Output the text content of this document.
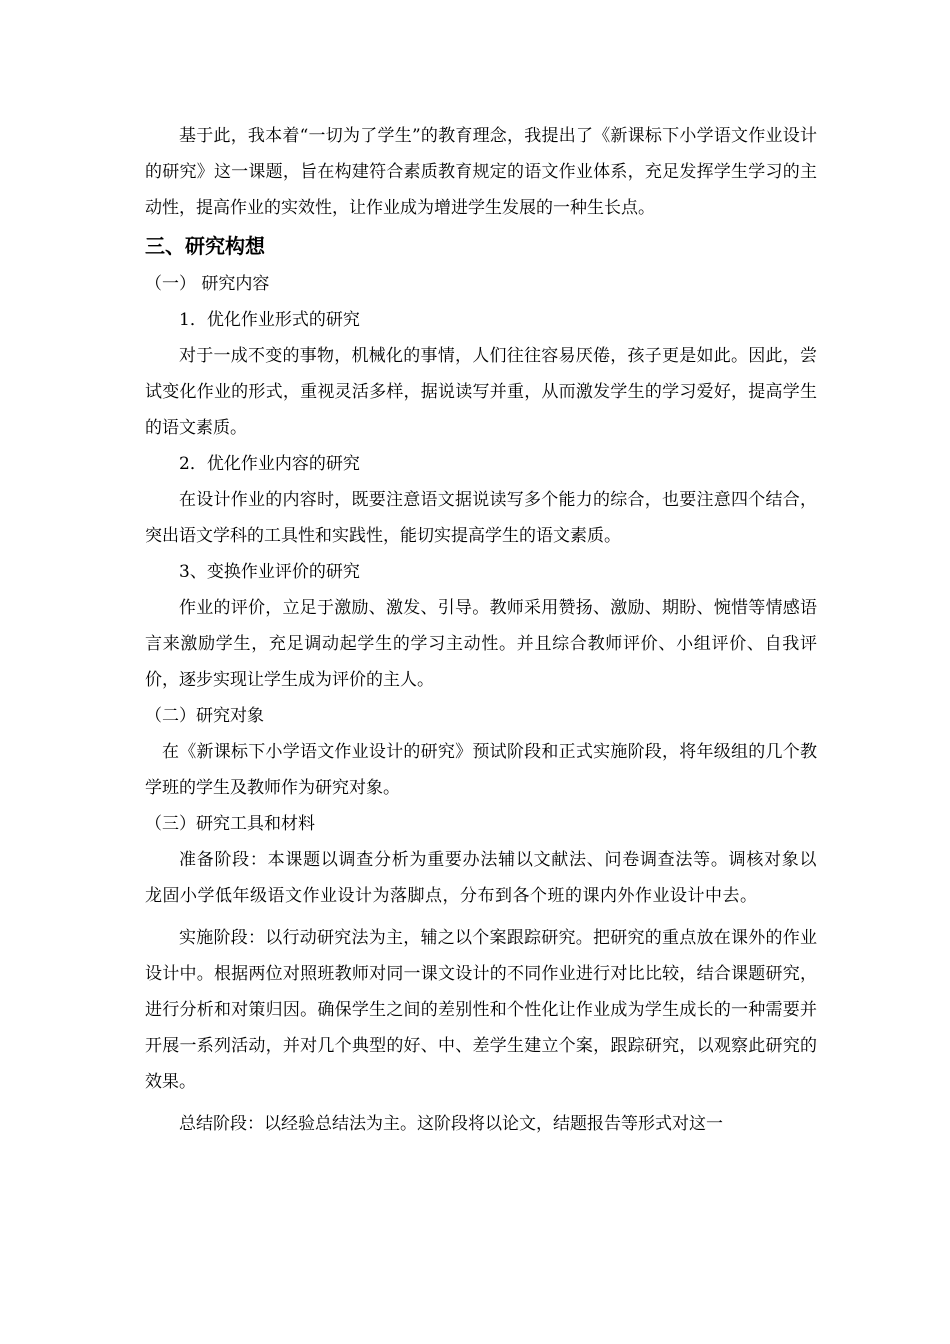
基于此，我本着“一切为了学生”的教育理念，我提出了《新课标下小学语文作业设计的研究》这一课题，旨在构建符合素质教育规定的语文作业体系，充足发挥学生学习的主动性，提高作业的实效性，让作业成为增进学生发展的一种生长点。

三、研究构想

（一） 研究内容

1．优化作业形式的研究

对于一成不变的事物，机械化的事情，人们往往容易厌倦，孩子更是如此。因此，尝试变化作业的形式，重视灵活多样，据说读写并重，从而激发学生的学习爱好，提高学生的语文素质。

2．优化作业内容的研究

在设计作业的内容时，既要注意语文据说读写多个能力的综合，也要注意四个结合，突出语文学科的工具性和实践性，能切实提高学生的语文素质。

3、变换作业评价的研究

作业的评价，立足于激励、激发、引导。教师采用赞扬、激励、期盼、惋惜等情感语言来激励学生，充足调动起学生的学习主动性。并且综合教师评价、小组评价、自我评价，逐步实现让学生成为评价的主人。

（二）研究对象

在《新课标下小学语文作业设计的研究》预试阶段和正式实施阶段，将年级组的几个教学班的学生及教师作为研究对象。

（三）研究工具和材料

准备阶段：本课题以调查分析为重要办法辅以文献法、问卷调查法等。调核对象以龙固小学低年级语文作业设计为落脚点，分布到各个班的课内外作业设计中去。

实施阶段：以行动研究法为主，辅之以个案跟踪研究。把研究的重点放在课外的作业设计中。根据两位对照班教师对同一课文设计的不同作业进行对比比较，结合课题研究，进行分析和对策归因。确保学生之间的差别性和个性化让作业成为学生成长的一种需要并开展一系列活动，并对几个典型的好、中、差学生建立个案，跟踪研究，以观察此研究的效果。

总结阶段：以经验总结法为主。这阶段将以论文，结题报告等形式对这一
